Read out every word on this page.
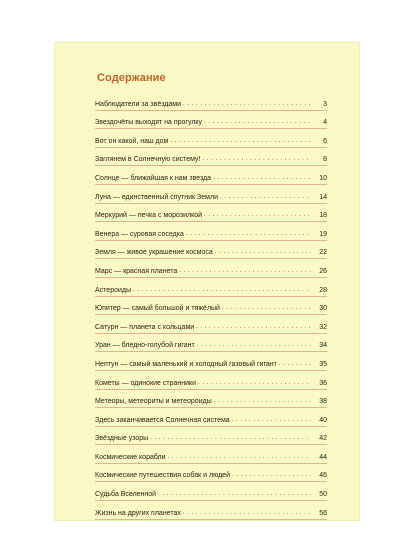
Содержание
Наблюдатели за звёздами . . .	3
Звездочёты выходят на прогулку . . .	4
Вот он какой, наш дом . . .	6
Заглянем в Солнечную систему! . . .	8
Солнце — ближайшая к нам звезда . . .	10
Луна — единственный спутник Земли . . .	14
Меркурий — печка с морозилкой . . .	18
Венера — суровая соседка . . .	19
Земля — живое украшение космоса . . .	22
Марс — красная планета . . .	26
Астероиды . . .	28
Юпитер — самый большой и тяжёлый . . .	30
Сатурн — планета с кольцами . . .	32
Уран — бледно-голубой гигант . . .	34
Нептун — самый маленький и холодный газовый гигант . . .	35
Кометы — одинокие странники . . .	36
Метеоры, метеориты и метеороиды . . .	38
Здесь заканчивается Солнечная система . . .	40
Звёздные узоры . . .	42
Космические корабли . . .	44
Космические путешествия собак и людей . . .	46
Судьба Вселенной . . .	50
Жизнь на других планетах . . .	56
